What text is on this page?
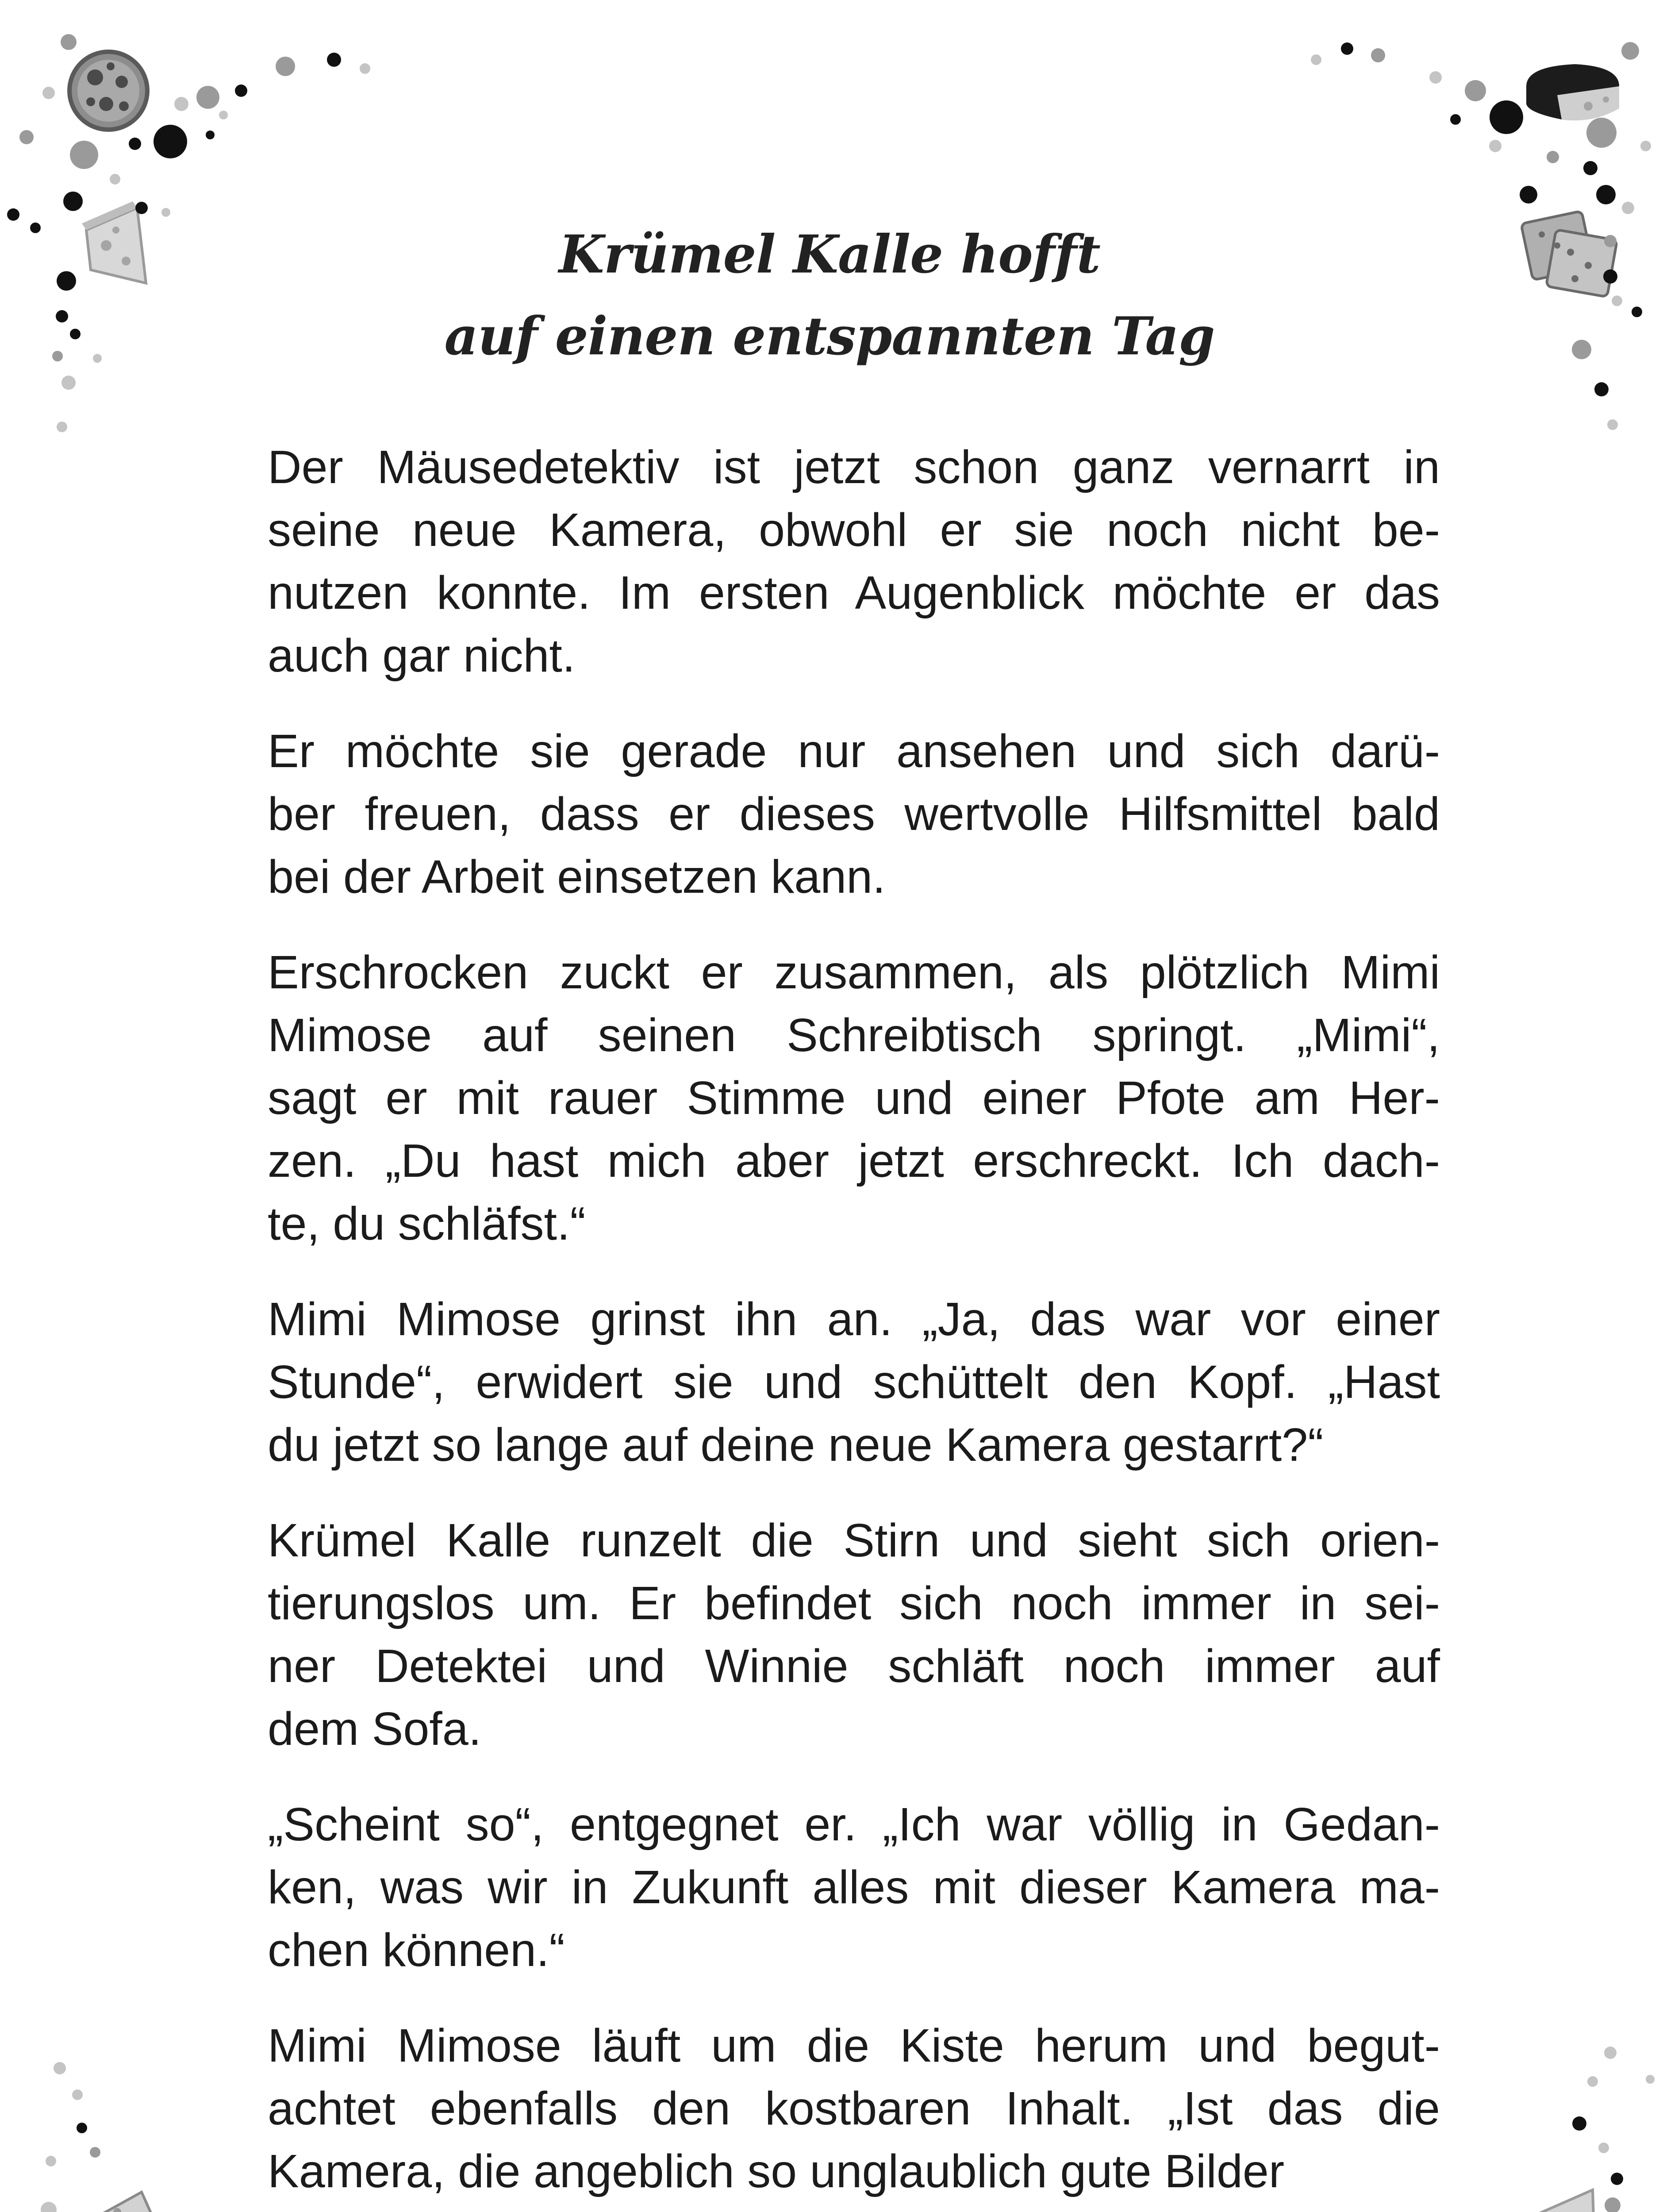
Krümel Kalle hofft
auf einen entspannten Tag

Der Mäusedetektiv ist jetzt schon ganz vernarrt in
seine neue Kamera, obwohl er sie noch nicht be-
nutzen konnte. Im ersten Augenblick möchte er das
auch gar nicht.

Er möchte sie gerade nur ansehen und sich darü-
ber freuen, dass er dieses wertvolle Hilfsmittel bald
bei der Arbeit einsetzen kann.

Erschrocken zuckt er zusammen, als plötzlich Mimi
Mimose auf seinen Schreibtisch springt. „Mimi“,
sagt er mit rauer Stimme und einer Pfote am Her-
zen. „Du hast mich aber jetzt erschreckt. Ich dach-
te, du schläfst.“

Mimi Mimose grinst ihn an. „Ja, das war vor einer
Stunde“, erwidert sie und schüttelt den Kopf. „Hast
du jetzt so lange auf deine neue Kamera gestarrt?“

Krümel Kalle runzelt die Stirn und sieht sich orien-
tierungslos um. Er befindet sich noch immer in sei-
ner Detektei und Winnie schläft noch immer auf
dem Sofa.

„Scheint so“, entgegnet er. „Ich war völlig in Gedan-
ken, was wir in Zukunft alles mit dieser Kamera ma-
chen können.“

Mimi Mimose läuft um die Kiste herum und begut-
achtet ebenfalls den kostbaren Inhalt. „Ist das die
Kamera, die angeblich so unglaublich gute Bilder
